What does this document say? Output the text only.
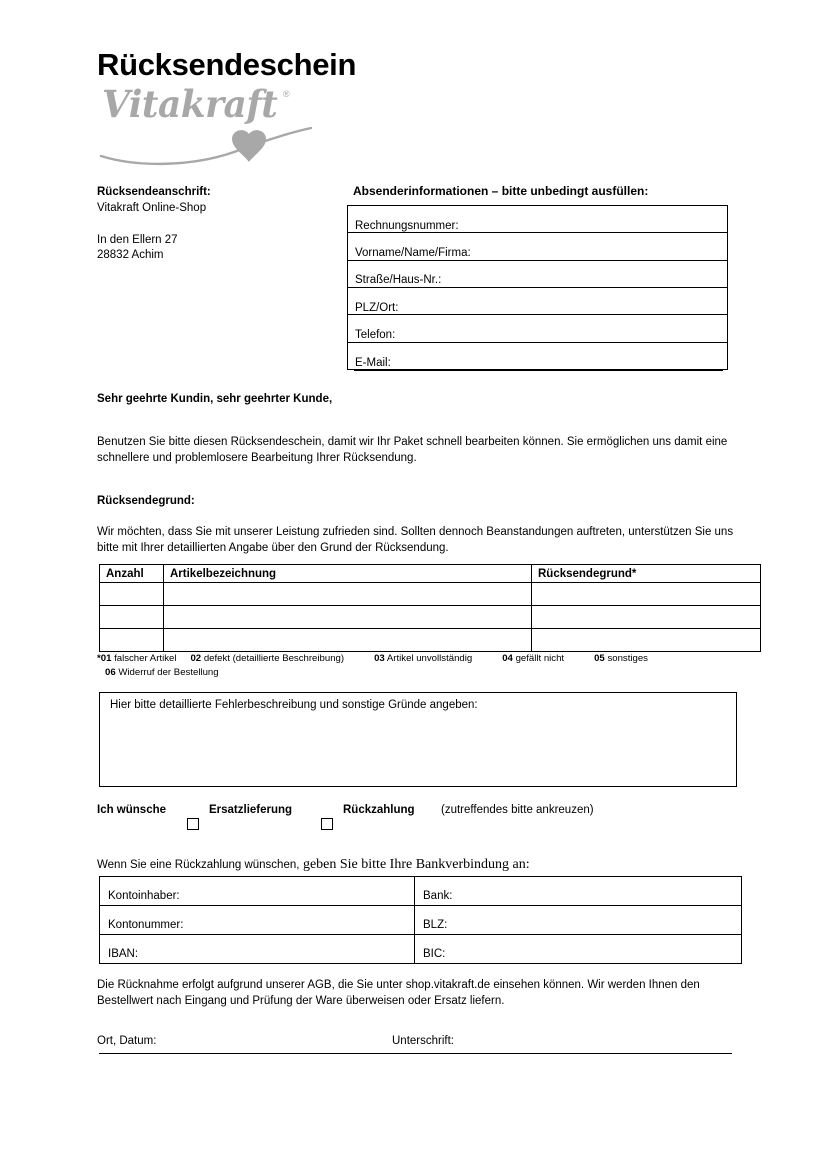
Rücksendeschein
Vitakraft ®
Rücksendeanschrift:
Vitakraft Online-Shop
In den Ellern 27
28832 Achim
Absenderinformationen – bitte unbedingt ausfüllen:
Rechnungsnummer:
Vorname/Name/Firma:
Straße/Haus-Nr.:
PLZ/Ort:
Telefon:
E-Mail:
Sehr geehrte Kundin, sehr geehrter Kunde,
Benutzen Sie bitte diesen Rücksendeschein, damit wir Ihr Paket schnell bearbeiten können. Sie ermöglichen uns damit eine schnellere und problemlosere Bearbeitung Ihrer Rücksendung.
Rücksendegrund:
Wir möchten, dass Sie mit unserer Leistung zufrieden sind. Sollten dennoch Beanstandungen auftreten, unterstützen Sie uns bitte mit Ihrer detaillierten Angabe über den Grund der Rücksendung.
Anzahl	Artikelbezeichnung	Rücksendegrund*

*01 falscher Artikel 02 defekt (detaillierte Beschreibung)	03 Artikel unvollständig	04 gefällt nicht	05 sonstiges
06 Widerruf der Bestellung
Hier bitte detaillierte Fehlerbeschreibung und sonstige Gründe angeben:
Ich wünsche	Ersatzlieferung	Rückzahlung (zutreffendes bitte ankreuzen)
Wenn Sie eine Rückzahlung wünschen, geben Sie bitte Ihre Bankverbindung an:
Kontoinhaber:	Bank:

Kontonummer:	BLZ:

IBAN:	BIC:
Die Rücknahme erfolgt aufgrund unserer AGB, die Sie unter shop.vitakraft.de einsehen können. Wir werden Ihnen den Bestellwert nach Eingang und Prüfung der Ware überweisen oder Ersatz liefern.
Ort, Datum:	Unterschrift:
